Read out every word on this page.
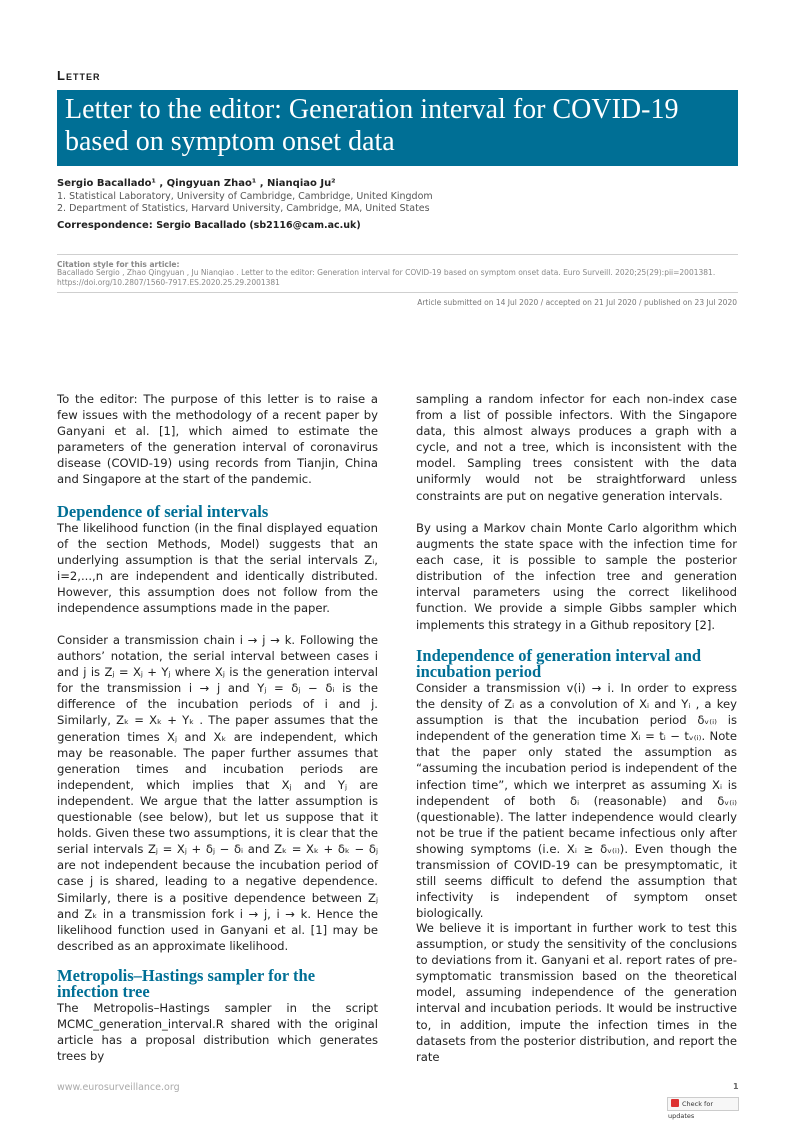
Letter
Letter to the editor: Generation interval for COVID-19 based on symptom onset data
Sergio Bacallado¹ , Qingyuan Zhao¹ , Nianqiao Ju²
1. Statistical Laboratory, University of Cambridge, Cambridge, United Kingdom
2. Department of Statistics, Harvard University, Cambridge, MA, United States
Correspondence: Sergio Bacallado (sb2116@cam.ac.uk)
Citation style for this article:
Bacallado Sergio , Zhao Qingyuan , Ju Nianqiao . Letter to the editor: Generation interval for COVID-19 based on symptom onset data. Euro Surveill. 2020;25(29):pii=2001381. https://doi.org/10.2807/1560-7917.ES.2020.25.29.2001381
Article submitted on 14 Jul 2020 / accepted on 21 Jul 2020 / published on 23 Jul 2020
To the editor: The purpose of this letter is to raise a few issues with the methodology of a recent paper by Ganyani et al. [1], which aimed to estimate the parameters of the generation interval of coronavirus disease (COVID-19) using records from Tianjin, China and Singapore at the start of the pandemic.
Dependence of serial intervals
The likelihood function (in the final displayed equation of the section Methods, Model) suggests that an underlying assumption is that the serial intervals Zᵢ, i=2,...,n are independent and identically distributed. However, this assumption does not follow from the independence assumptions made in the paper.
Consider a transmission chain i → j → k. Following the authors’ notation, the serial interval between cases i and j is Zⱼ = Xⱼ + Yⱼ where Xⱼ is the generation interval for the transmission i → j and Yⱼ = δⱼ − δᵢ is the difference of the incubation periods of i and j. Similarly, Zₖ = Xₖ + Yₖ . The paper assumes that the generation times Xⱼ and Xₖ are independent, which may be reasonable. The paper further assumes that generation times and incubation periods are independent, which implies that Xⱼ and Yⱼ are independent. We argue that the latter assumption is questionable (see below), but let us suppose that it holds. Given these two assumptions, it is clear that the serial intervals Zⱼ = Xⱼ + δⱼ − δᵢ and Zₖ = Xₖ + δₖ − δⱼ are not independent because the incubation period of case j is shared, leading to a negative dependence. Similarly, there is a positive dependence between Zⱼ and Zₖ in a transmission fork i → j, i → k. Hence the likelihood function used in Ganyani et al. [1] may be described as an approximate likelihood.
Metropolis–Hastings sampler for the
infection tree
The Metropolis–Hastings sampler in the script MCMC_generation_interval.R shared with the original article has a proposal distribution which generates trees by
sampling a random infector for each non-index case from a list of possible infectors. With the Singapore data, this almost always produces a graph with a cycle, and not a tree, which is inconsistent with the model. Sampling trees consistent with the data uniformly would not be straightforward unless constraints are put on negative generation intervals.
By using a Markov chain Monte Carlo algorithm which augments the state space with the infection time for each case, it is possible to sample the posterior distribution of the infection tree and generation interval parameters using the correct likelihood function. We provide a simple Gibbs sampler which implements this strategy in a Github repository [2].
Independence of generation interval and
incubation period
Consider a transmission v(i) → i. In order to express the density of Zᵢ as a convolution of Xᵢ and Yᵢ , a key assumption is that the incubation period δᵥ₍ᵢ₎ is independent of the generation time Xᵢ = tᵢ − tᵥ₍ᵢ₎. Note that the paper only stated the assumption as “assuming the incubation period is independent of the infection time”, which we interpret as assuming Xᵢ is independent of both δᵢ (reasonable) and δᵥ₍ᵢ₎ (questionable). The latter independence would clearly not be true if the patient became infectious only after showing symptoms (i.e. Xᵢ ≥ δᵥ₍ᵢ₎). Even though the transmission of COVID-19 can be presymptomatic, it still seems difficult to defend the assumption that infectivity is independent of symptom onset biologically.
We believe it is important in further work to test this assumption, or study the sensitivity of the conclusions to deviations from it. Ganyani et al. report rates of pre-symptomatic transmission based on the theoretical model, assuming independence of the generation interval and incubation periods. It would be instructive to, in addition, impute the infection times in the datasets from the posterior distribution, and report the rate
www.eurosurveillance.org	1
Check for updates
